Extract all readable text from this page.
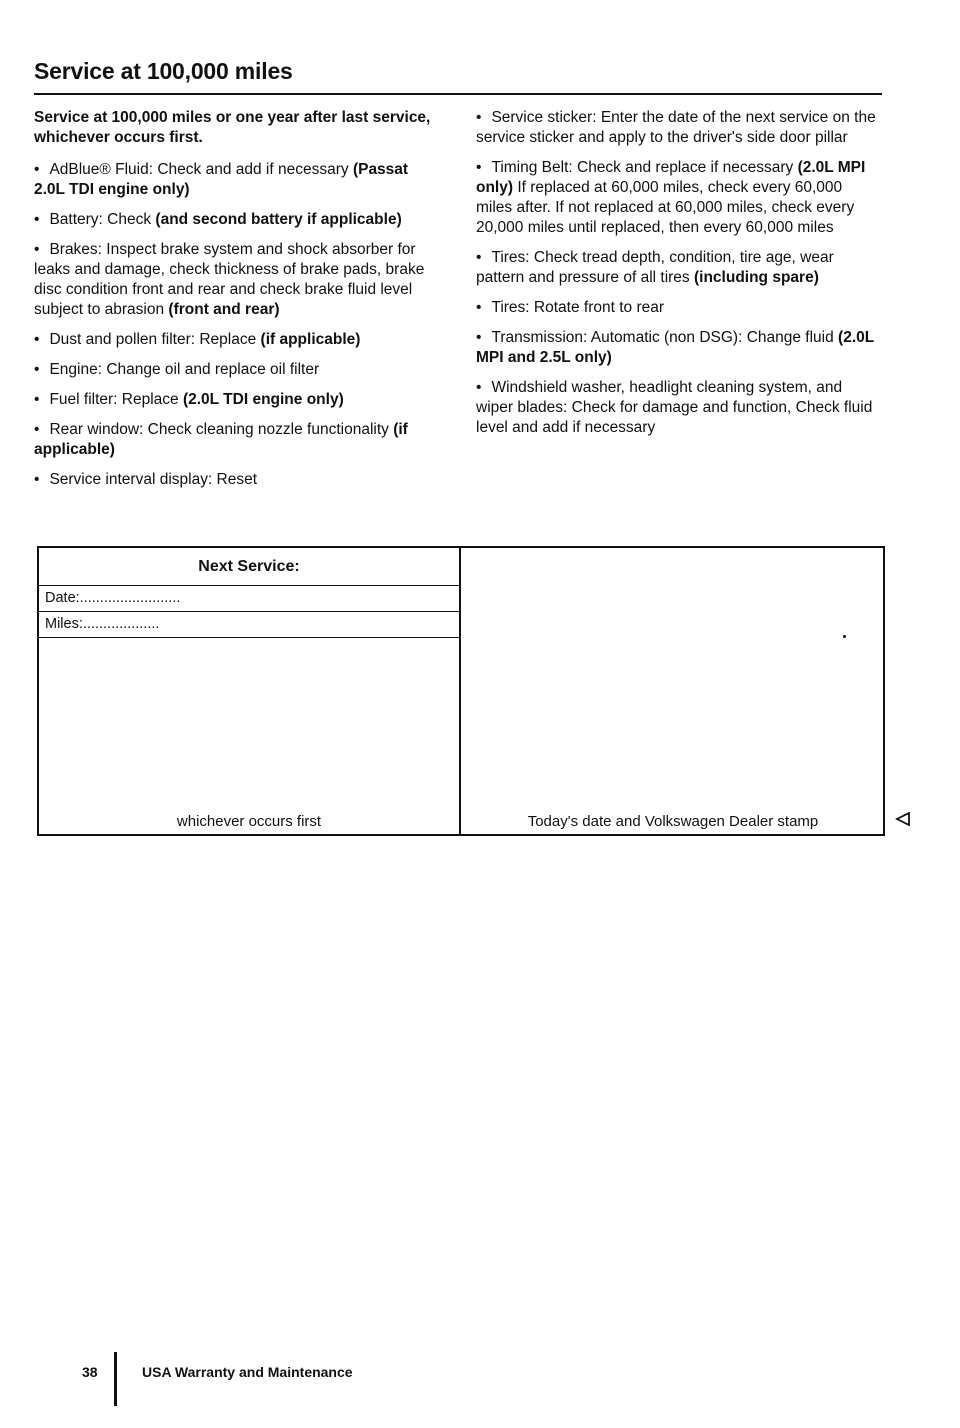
Service at 100,000 miles

Service at 100,000 miles or one year after last service, whichever occurs first.

• AdBlue® Fluid: Check and add if necessary (Passat 2.0L TDI engine only)
• Battery: Check (and second battery if applicable)
• Brakes: Inspect brake system and shock absorber for leaks and damage, check thickness of brake pads, brake disc condition front and rear and check brake fluid level subject to abrasion (front and rear)
• Dust and pollen filter: Replace (if applicable)
• Engine: Change oil and replace oil filter
• Fuel filter: Replace (2.0L TDI engine only)
• Rear window: Check cleaning nozzle functionality (if applicable)
• Service interval display: Reset
• Service sticker: Enter the date of the next service on the service sticker and apply to the driver's side door pillar
• Timing Belt: Check and replace if necessary (2.0L MPI only) If replaced at 60,000 miles, check every 60,000 miles after. If not replaced at 60,000 miles, check every 20,000 miles until replaced, then every 60,000 miles
• Tires: Check tread depth, condition, tire age, wear pattern and pressure of all tires (including spare)
• Tires: Rotate front to rear
• Transmission: Automatic (non DSG): Change fluid (2.0L MPI and 2.5L only)
• Windshield washer, headlight cleaning system, and wiper blades: Check for damage and function, Check fluid level and add if necessary
Next Service:
Date:.........................
Miles:...................
whichever occurs first	Today's date and Volkswagen Dealer stamp
38	USA Warranty and Maintenance
